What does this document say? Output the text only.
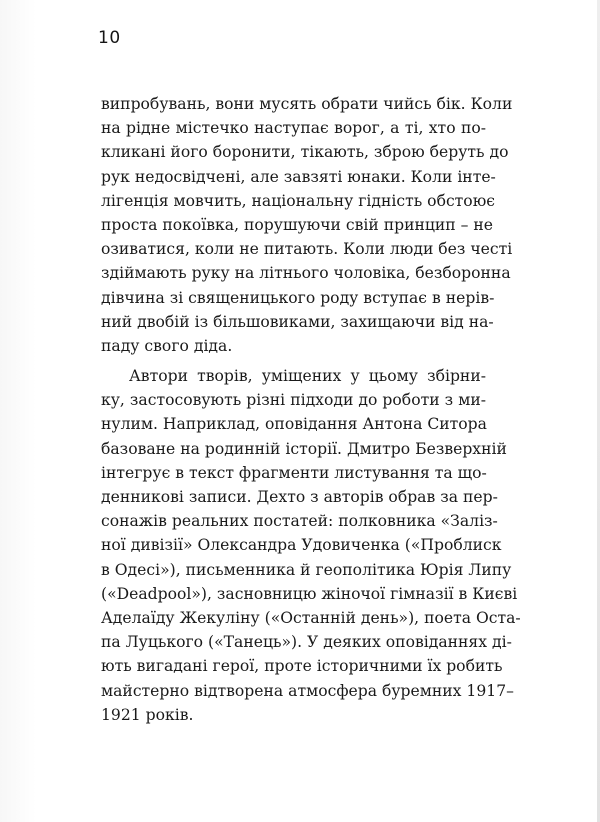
10
випробувань, вони мусять обрати чийсь бік. Коли
на рідне містечко наступає ворог, а ті, хто по-
кликані його боронити, тікають, зброю беруть до
рук недосвідчені, але завзяті юнаки. Коли інте-
лігенція мовчить, національну гідність обстоює
проста покоївка, порушуючи свій принцип – не
озиватися, коли не питають. Коли люди без честі
здіймають руку на літнього чоловіка, безборонна
дівчина зі священицького роду вступає в нерів-
ний двобій із більшовиками, захищаючи від на-
паду свого діда.
Автори творів, уміщених у цьому збірни-
ку, застосовують різні підходи до роботи з ми-
нулим. Наприклад, оповідання Антона Ситора
базоване на родинній історії. Дмитро Безверхній
інтегрує в текст фрагменти листування та що-
денникові записи. Дехто з авторів обрав за пер-
сонажів реальних постатей: полковника «Заліз-
ної дивізії» Олександра Удовиченка («Проблиск
в Одесі»), письменника й геополітика Юрія Липу
(«Deadpool»), засновницю жіночої гімназії в Києві
Аделаїду Жекуліну («Останній день»), поета Оста-
па Луцького («Танець»). У деяких оповіданнях ді-
ють вигадані герої, проте історичними їх робить
майстерно відтворена атмосфера буремних 1917–
1921 років.
